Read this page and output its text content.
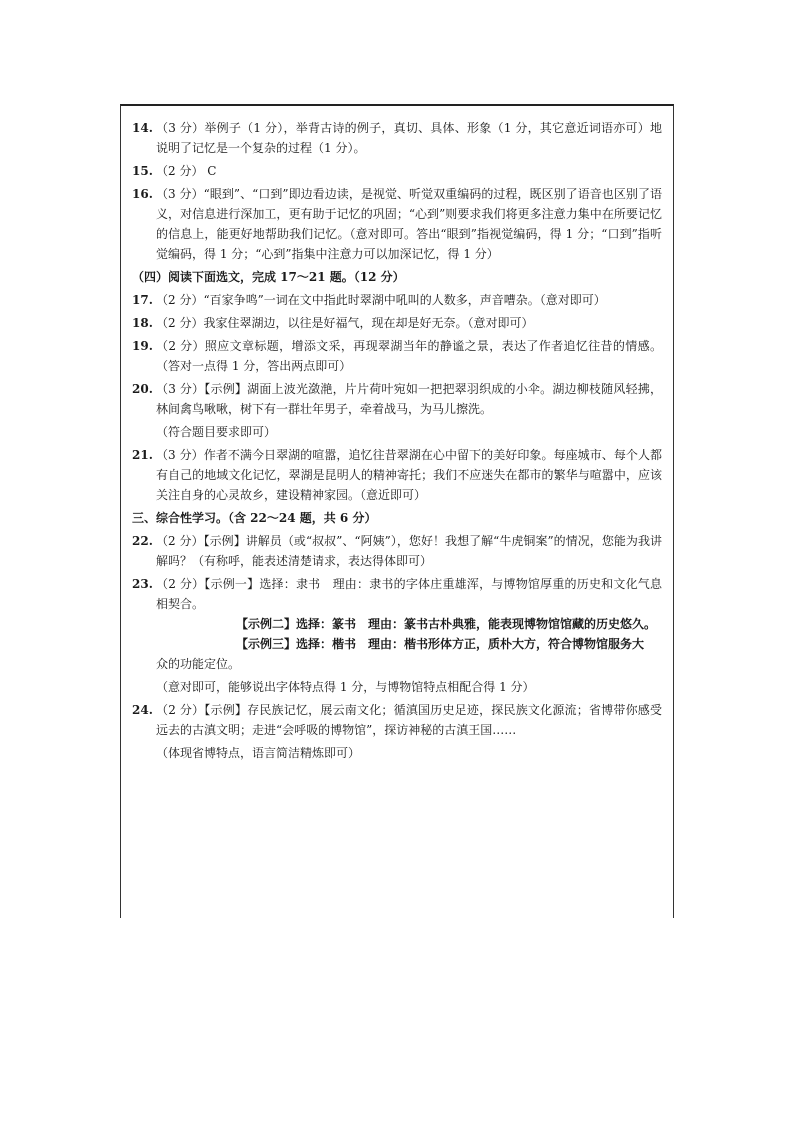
14. （3 分）举例子（1 分），举背古诗的例子，真切、具体、形象（1 分，其它意近词语亦可）地说明了记忆是一个复杂的过程（1 分）。

15. （2 分） C

16. （3 分）“眼到”、“口到”即边看边读，是视觉、听觉双重编码的过程，既区别了语音也区别了语义，对信息进行深加工，更有助于记忆的巩固；“心到”则要求我们将更多注意力集中在所要记忆的信息上，能更好地帮助我们记忆。（意对即可。答出“眼到”指视觉编码，得 1 分；“口到”指听觉编码，得 1 分；“心到”指集中注意力可以加深记忆，得 1 分）

（四）阅读下面选文，完成 17～21 题。（12 分）
17. （2 分）“百家争鸣”一词在文中指此时翠湖中吼叫的人数多，声音嘈杂。（意对即可）

18. （2 分）我家住翠湖边，以往是好福气，现在却是好无奈。（意对即可）

19. （2 分）照应文章标题，增添文采，再现翠湖当年的静谧之景，表达了作者追忆往昔的情感。（答对一点得 1 分，答出两点即可）

20. （3 分）【示例】湖面上波光潋滟，片片荷叶宛如一把把翠羽织成的小伞。湖边柳枝随风轻拂，林间禽鸟啾啾，树下有一群壮年男子，牵着战马，为马儿擦洗。

（符合题目要求即可）
21. （3 分）作者不满今日翠湖的喧嚣，追忆往昔翠湖在心中留下的美好印象。每座城市、每个人都有自己的地域文化记忆，翠湖是昆明人的精神寄托；我们不应迷失在都市的繁华与喧嚣中，应该关注自身的心灵故乡，建设精神家园。（意近即可）

三、综合性学习。（含 22～24 题，共 6 分）
22. （2 分）【示例】讲解员（或“叔叔”、“阿姨”），您好！我想了解“牛虎铜案”的情况，您能为我讲解吗？（有称呼，能表述清楚请求，表达得体即可）

23. （2 分）【示例一】选择：隶书　理由：隶书的字体庄重雄浑，与博物馆厚重的历史和文化气息相契合。

【示例二】选择：篆书　理由：篆书古朴典雅，能表现博物馆馆藏的历史悠久。

【示例三】选择：楷书　理由：楷书形体方正，质朴大方，符合博物馆服务大

众的功能定位。

（意对即可，能够说出字体特点得 1 分，与博物馆特点相配合得 1 分）
24. （2 分）【示例】存民族记忆，展云南文化；循滇国历史足迹，探民族文化源流；省博带你感受远去的古滇文明；走进“会呼吸的博物馆”，探访神秘的古滇王国……

（体现省博特点，语言简洁精炼即可）
